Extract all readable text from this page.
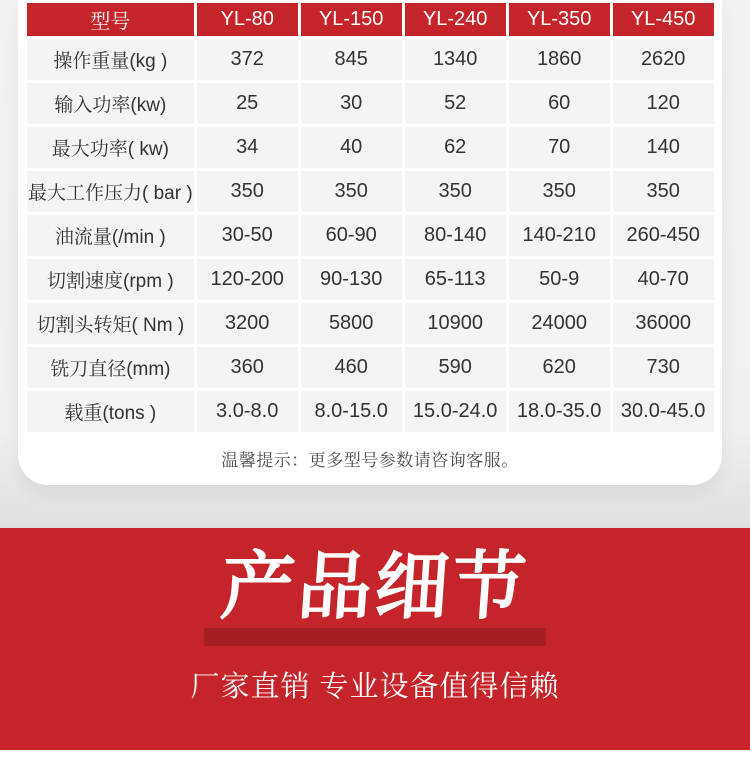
型号	YL-80	YL-150	YL-240	YL-350	YL-450
操作重量(kg )	372	845	1340	1860	2620
输入功率(kw)	25	30	52	60	120
最大功率( kw)	34	40	62	70	140
最大工作压力( bar )	350	350	350	350	350
油流量(/min )	30-50	60-90	80-140	140-210	260-450
切割速度(rpm )	120-200	90-130	65-113	50-9	40-70
切割头转矩( Nm )	3200	5800	10900	24000	36000
铣刀直径(mm)	360	460	590	620	730
载重(tons )	3.0-8.0	8.0-15.0	15.0-24.0	18.0-35.0	30.0-45.0
温馨提示：更多型号参数请咨询客服。
产品细节
厂家直销 专业设备值得信赖
